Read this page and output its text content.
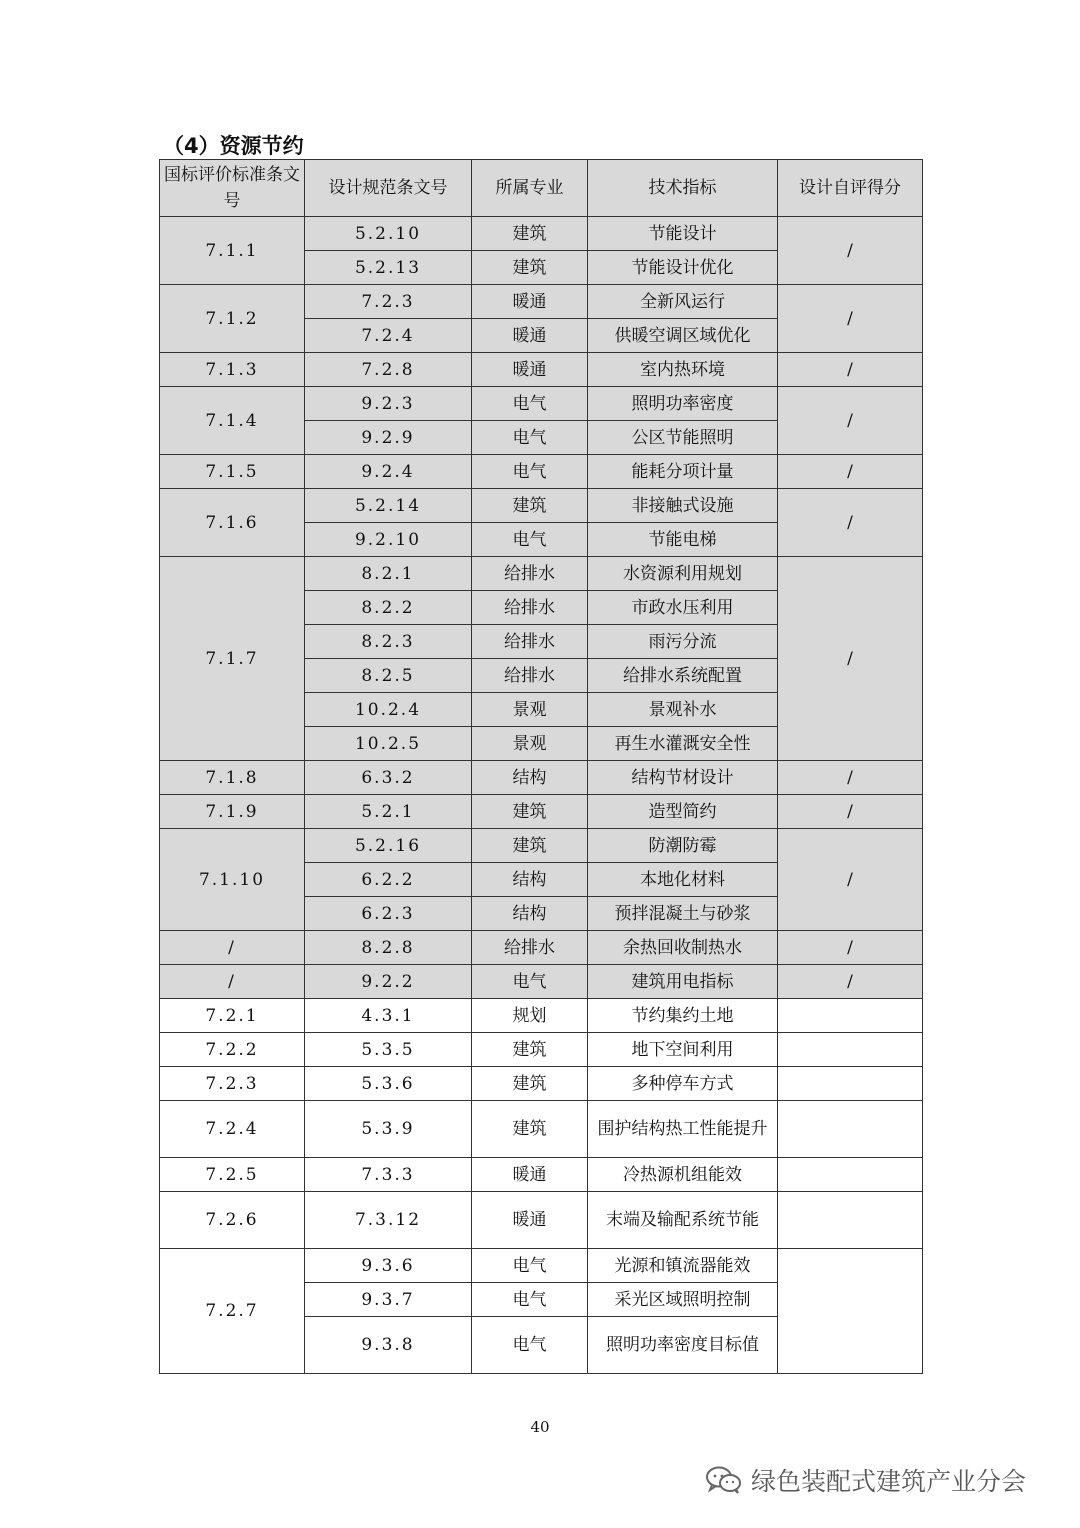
（4）资源节约
国标评价标准条文号	设计规范条文号	所属专业	技术指标	设计自评得分
7.1.1	5.2.10	建筑	节能设计	/
	5.2.13	建筑	节能设计优化	
7.1.2	7.2.3	暖通	全新风运行	/
	7.2.4	暖通	供暖空调区域优化	
7.1.3	7.2.8	暖通	室内热环境	/
7.1.4	9.2.3	电气	照明功率密度	/
	9.2.9	电气	公区节能照明	
7.1.5	9.2.4	电气	能耗分项计量	/
7.1.6	5.2.14	建筑	非接触式设施	/
	9.2.10	电气	节能电梯	
7.1.7	8.2.1	给排水	水资源利用规划	/
	8.2.2	给排水	市政水压利用	
	8.2.3	给排水	雨污分流	
	8.2.5	给排水	给排水系统配置	
	10.2.4	景观	景观补水	
	10.2.5	景观	再生水灌溉安全性	
7.1.8	6.3.2	结构	结构节材设计	/
7.1.9	5.2.1	建筑	造型简约	/
7.1.10	5.2.16	建筑	防潮防霉	/
	6.2.2	结构	本地化材料	
	6.2.3	结构	预拌混凝土与砂浆	
/	8.2.8	给排水	余热回收制热水	/
/	9.2.2	电气	建筑用电指标	/
7.2.1	4.3.1	规划	节约集约土地	
7.2.2	5.3.5	建筑	地下空间利用	
7.2.3	5.3.6	建筑	多种停车方式	
7.2.4	5.3.9	建筑	围护结构热工性能提升	
7.2.5	7.3.3	暖通	冷热源机组能效	
7.2.6	7.3.12	暖通	末端及输配系统节能	
7.2.7	9.3.6	电气	光源和镇流器能效	
	9.3.7	电气	采光区域照明控制	
	9.3.8	电气	照明功率密度目标值	
40
绿色装配式建筑产业分会
